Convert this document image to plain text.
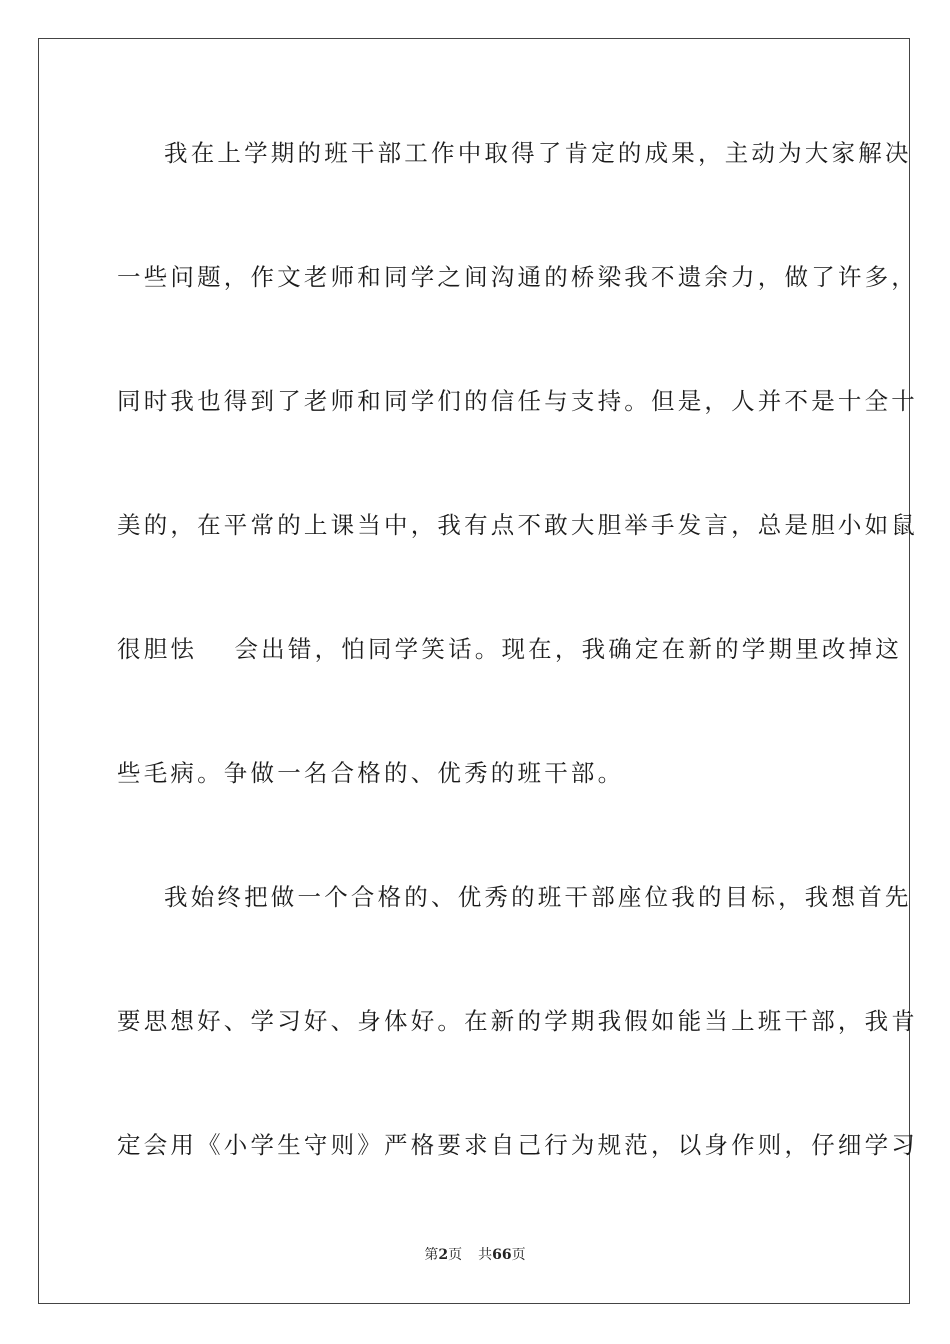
我在上学期的班干部工作中取得了肯定的成果，主动为大家解决
一些问题，作文老师和同学之间沟通的桥梁我不遗余力，做了许多，
同时我也得到了老师和同学们的信任与支持。但是，人并不是十全十
美的，在平常的上课当中，我有点不敢大胆举手发言，总是胆小如鼠
很胆怯　 会出错，怕同学笑话。现在，我确定在新的学期里改掉这
些毛病。争做一名合格的、优秀的班干部。
我始终把做一个合格的、优秀的班干部座位我的目标，我想首先
要思想好、学习好、身体好。在新的学期我假如能当上班干部，我肯
定会用《小学生守则》严格要求自己行为规范，以身作则，仔细学习
第2页 共66页
